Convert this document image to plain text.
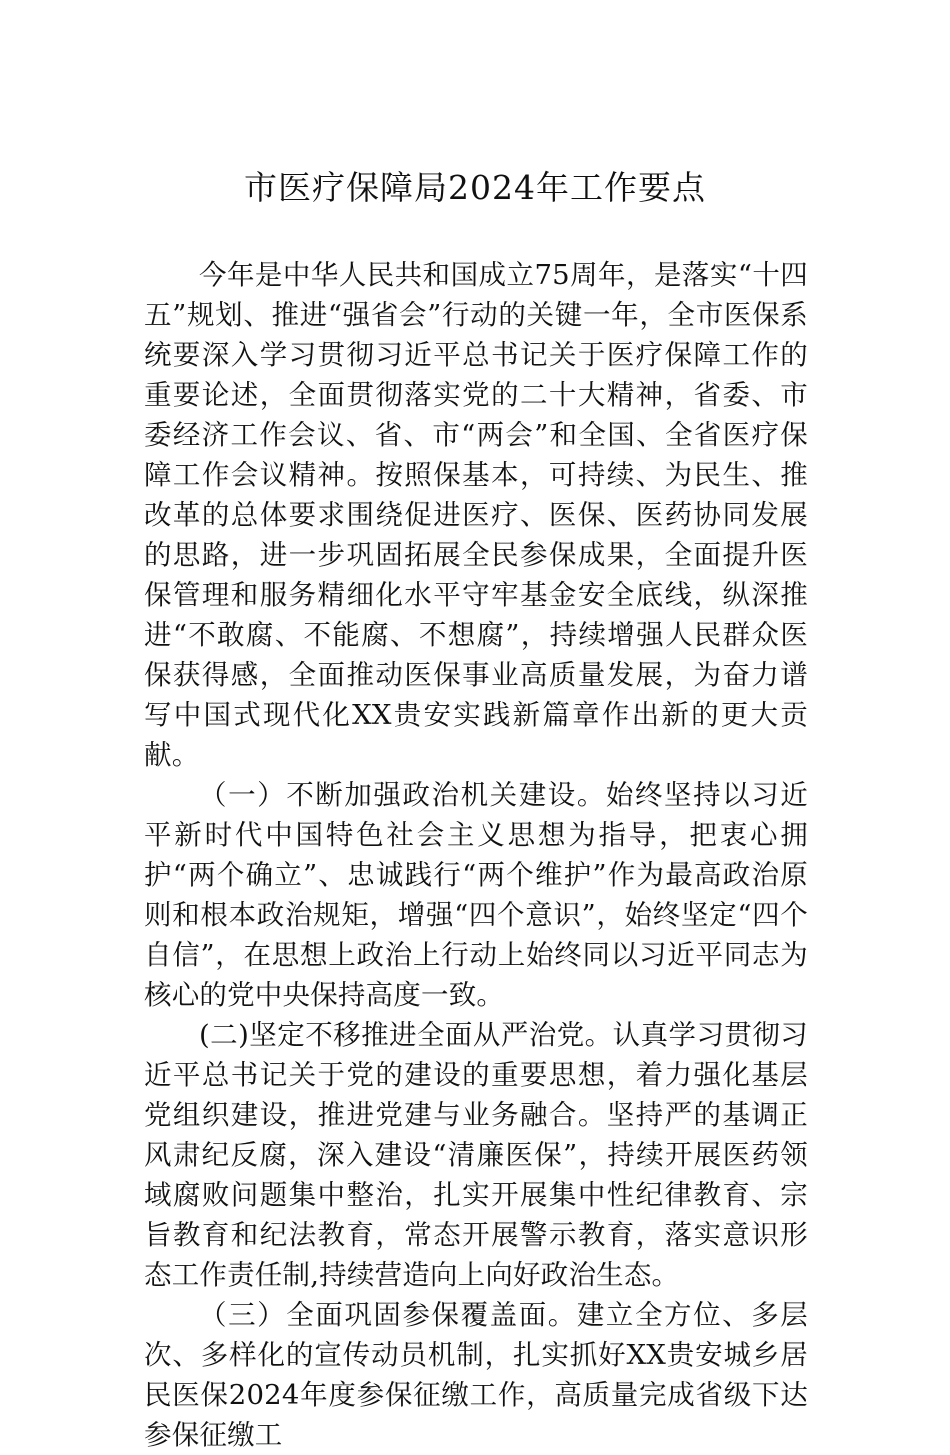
市医疗保障局2024年工作要点

今年是中华人民共和国成立75周年，是落实“十四五”规划、推进“强省会”行动的关键一年，全市医保系统要深入学习贯彻习近平总书记关于医疗保障工作的重要论述，全面贯彻落实党的二十大精神，省委、市委经济工作会议、省、市“两会”和全国、全省医疗保障工作会议精神。按照保基本，可持续、为民生、推改革的总体要求围绕促进医疗、医保、医药协同发展的思路，进一步巩固拓展全民参保成果，全面提升医保管理和服务精细化水平守牢基金安全底线，纵深推进“不敢腐、不能腐、不想腐”，持续增强人民群众医保获得感，全面推动医保事业高质量发展，为奋力谱写中国式现代化XX贵安实践新篇章作出新的更大贡献。

（一）不断加强政治机关建设。始终坚持以习近平新时代中国特色社会主义思想为指导，把衷心拥护“两个确立”、忠诚践行“两个维护”作为最高政治原则和根本政治规矩，增强“四个意识”，始终坚定“四个自信”，在思想上政治上行动上始终同以习近平同志为核心的党中央保持高度一致。

(二)坚定不移推进全面从严治党。认真学习贯彻习近平总书记关于党的建设的重要思想，着力强化基层党组织建设，推进党建与业务融合。坚持严的基调正风肃纪反腐，深入建设“清廉医保”，持续开展医药领域腐败问题集中整治，扎实开展集中性纪律教育、宗旨教育和纪法教育，常态开展警示教育，落实意识形态工作责任制,持续营造向上向好政治生态。

（三）全面巩固参保覆盖面。建立全方位、多层次、多样化的宣传动员机制，扎实抓好XX贵安城乡居民医保2024年度参保征缴工作，高质量完成省级下达参保征缴工
